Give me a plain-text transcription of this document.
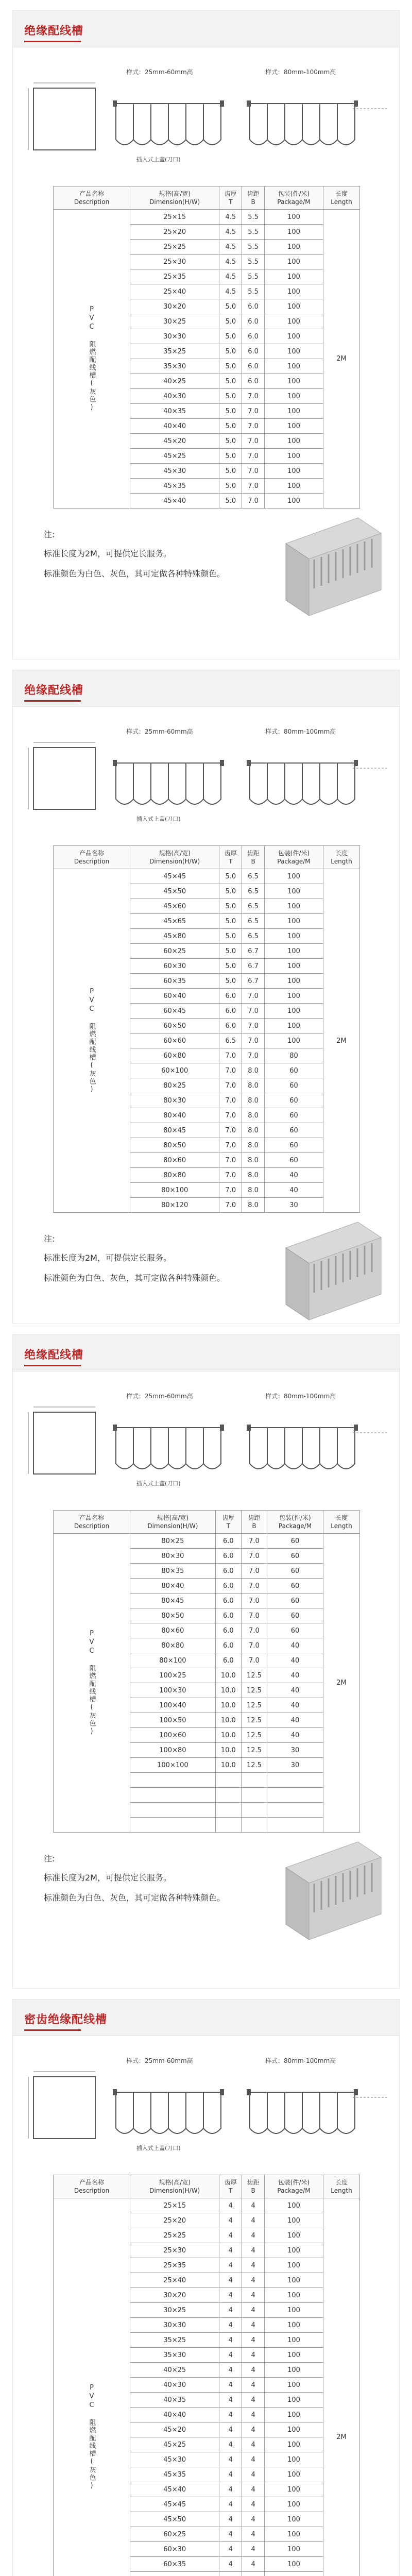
绝缘配线槽
样式：25mm-60mm高	样式：80mm-100mm高
插入式上盖(刀口)
产品名称
Description	规格(高/宽)
Dimension(H/W)	齿厚
T	齿距
B	包装(件/米)
Package/M	长度
Length
PVC 阻燃配线槽(灰色)	25×15	4.5	5.5	100	2M
	25×20	4.5	5.5	100	
	25×25	4.5	5.5	100	
	25×30	4.5	5.5	100	
	25×35	4.5	5.5	100	
	25×40	4.5	5.5	100	
	30×20	5.0	6.0	100	
	30×25	5.0	6.0	100	
	30×30	5.0	6.0	100	
	35×25	5.0	6.0	100	
	35×30	5.0	6.0	100	
	40×25	5.0	6.0	100	
	40×30	5.0	7.0	100	
	40×35	5.0	7.0	100	
	40×40	5.0	7.0	100	
	45×20	5.0	7.0	100	
	45×25	5.0	7.0	100	
	45×30	5.0	7.0	100	
	45×35	5.0	7.0	100	
	45×40	5.0	7.0	100	
注:
标准长度为2M，可提供定长服务。
标准颜色为白色、灰色，其可定做各种特殊颜色。
绝缘配线槽
样式：25mm-60mm高	样式：80mm-100mm高
插入式上盖(刀口)
产品名称
Description	规格(高/宽)
Dimension(H/W)	齿厚
T	齿距
B	包装(件/米)
Package/M	长度
Length
PVC 阻燃配线槽(灰色)	45×45	5.0	6.5	100	2M
	45×50	5.0	6.5	100	
	45×60	5.0	6.5	100	
	45×65	5.0	6.5	100	
	45×80	5.0	6.5	100	
	60×25	5.0	6.7	100	
	60×30	5.0	6.7	100	
	60×35	5.0	6.7	100	
	60×40	6.0	7.0	100	
	60×45	6.0	7.0	100	
	60×50	6.0	7.0	100	
	60×60	6.5	7.0	100	
	60×80	7.0	7.0	80	
	60×100	7.0	8.0	60	
	80×25	7.0	8.0	60	
	80×30	7.0	8.0	60	
	80×40	7.0	8.0	60	
	80×45	7.0	8.0	60	
	80×50	7.0	8.0	60	
	80×60	7.0	8.0	60	
	80×80	7.0	8.0	40	
	80×100	7.0	8.0	40	
	80×120	7.0	8.0	30	
注:
标准长度为2M，可提供定长服务。
标准颜色为白色、灰色，其可定做各种特殊颜色。
绝缘配线槽
样式：25mm-60mm高	样式：80mm-100mm高
插入式上盖(刀口)
产品名称
Description	规格(高/宽)
Dimension(H/W)	齿厚
T	齿距
B	包装(件/米)
Package/M	长度
Length
PVC 阻燃配线槽(灰色)	80×25	6.0	7.0	60	2M
	80×30	6.0	7.0	60	
	80×35	6.0	7.0	60	
	80×40	6.0	7.0	60	
	80×45	6.0	7.0	60	
	80×50	6.0	7.0	60	
	80×60	6.0	7.0	60	
	80×80	6.0	7.0	40	
	80×100	6.0	7.0	40	
	100×25	10.0	12.5	40	
	100×30	10.0	12.5	40	
	100×40	10.0	12.5	40	
	100×50	10.0	12.5	40	
	100×60	10.0	12.5	40	
	100×80	10.0	12.5	30	
	100×100	10.0	12.5	30	

注:
标准长度为2M，可提供定长服务。
标准颜色为白色、灰色，其可定做各种特殊颜色。
密齿绝缘配线槽
样式：25mm-60mm高	样式：80mm-100mm高
插入式上盖(刀口)
产品名称
Description	规格(高/宽)
Dimension(H/W)	齿厚
T	齿距
B	包装(件/米)
Package/M	长度
Length
PVC 阻燃配线槽(灰色)	25×15	4	4	100	2M
	25×20	4	4	100	
	25×25	4	4	100	
	25×30	4	4	100	
	25×35	4	4	100	
	25×40	4	4	100	
	30×20	4	4	100	
	30×25	4	4	100	
	30×30	4	4	100	
	35×25	4	4	100	
	35×30	4	4	100	
	40×25	4	4	100	
	40×30	4	4	100	
	40×35	4	4	100	
	40×40	4	4	100	
	45×20	4	4	100	
	45×25	4	4	100	
	45×30	4	4	100	
	45×35	4	4	100	
	45×40	4	4	100	
	45×45	4	4	100	
	45×50	4	4	100	
	60×25	4	4	100	
	60×30	4	4	100	
	60×35	4	4	100	
